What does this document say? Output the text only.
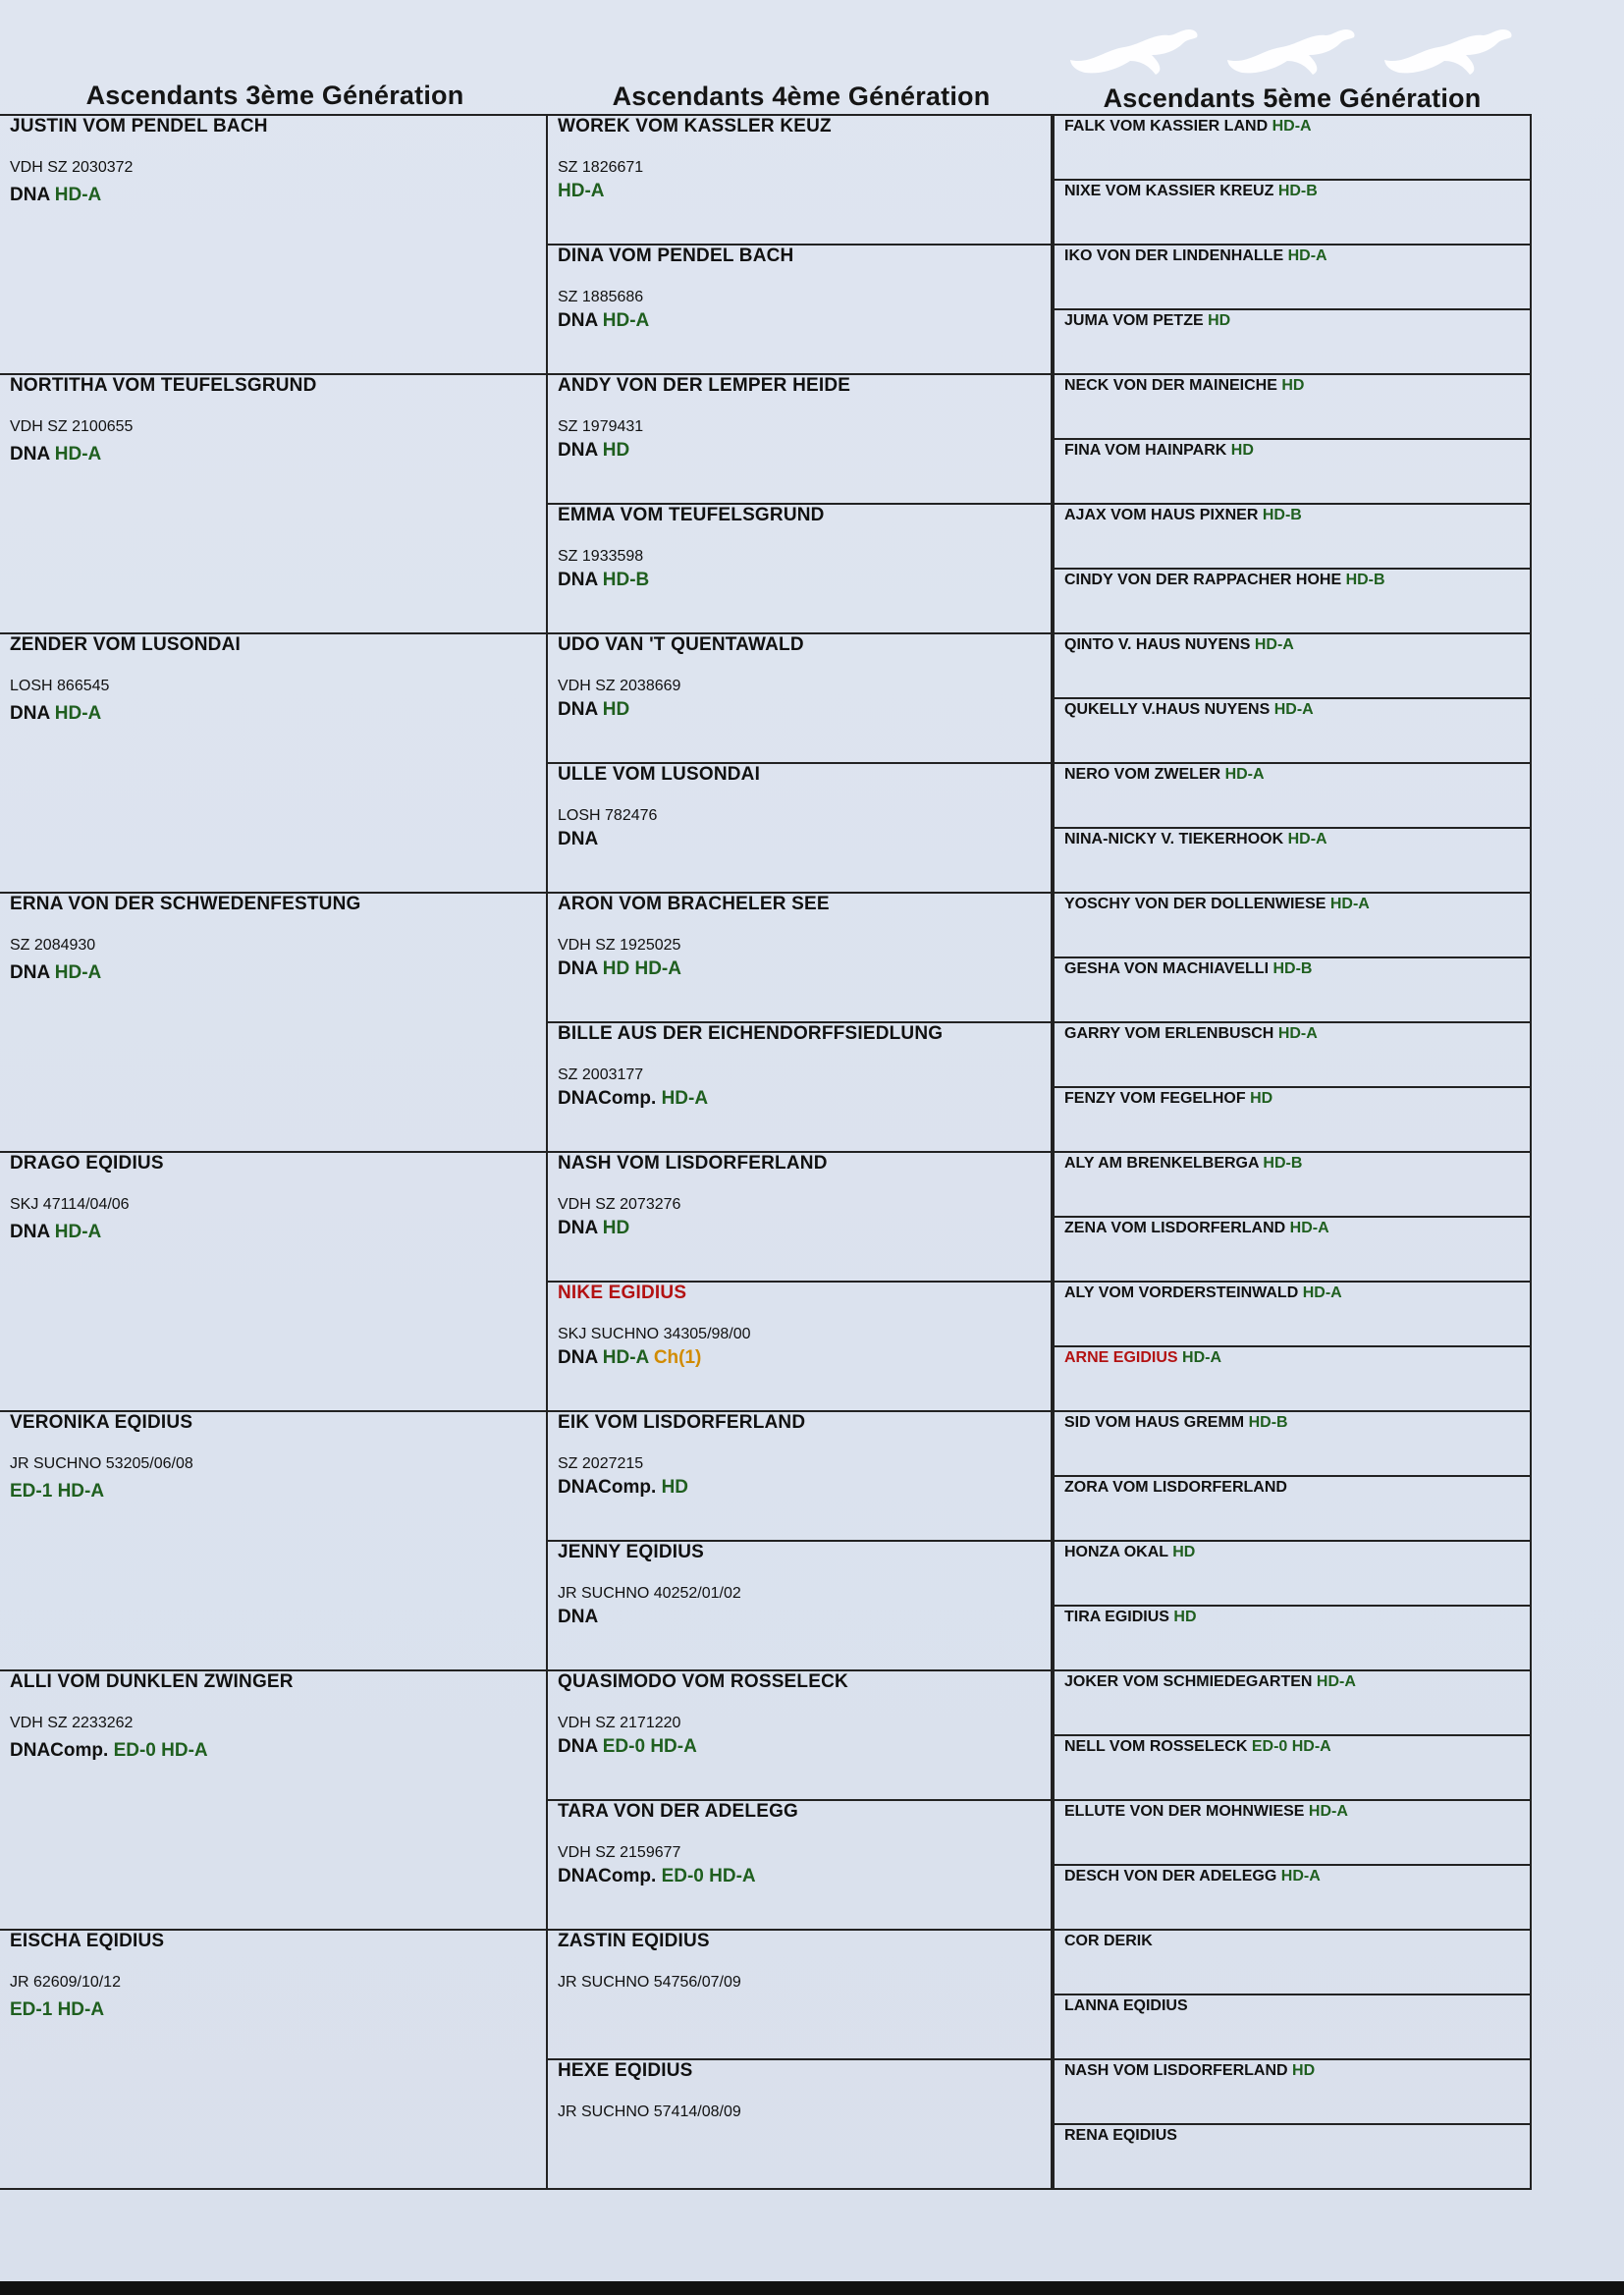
Ascendants 3ème Génération	Ascendants 4ème Génération	Ascendants 5ème Génération
JUSTIN VOM PENDEL BACH
VDH SZ 2030372
DNA HD-A
NORTITHA VOM TEUFELSGRUND
VDH SZ 2100655
DNA HD-A
ZENDER VOM LUSONDAI
LOSH 866545
DNA HD-A
ERNA VON DER SCHWEDENFESTUNG
SZ 2084930
DNA HD-A
DRAGO EQIDIUS
SKJ 47114/04/06
DNA HD-A
VERONIKA EQIDIUS
JR SUCHNO 53205/06/08
ED-1 HD-A
ALLI VOM DUNKLEN ZWINGER
VDH SZ 2233262
DNAComp. ED-0 HD-A
EISCHA EQIDIUS
JR 62609/10/12
ED-1 HD-A
WOREK VOM KASSLER KEUZ
SZ 1826671
HD-A
DINA VOM PENDEL BACH
SZ 1885686
DNA HD-A
ANDY VON DER LEMPER HEIDE
SZ 1979431
DNA HD
EMMA VOM TEUFELSGRUND
SZ 1933598
DNA HD-B
UDO VAN 'T QUENTAWALD
VDH SZ 2038669
DNA HD
ULLE VOM LUSONDAI
LOSH 782476
DNA
ARON VOM BRACHELER SEE
VDH SZ 1925025
DNA HD HD-A
BILLE AUS DER EICHENDORFFSIEDLUNG
SZ 2003177
DNAComp. HD-A
NASH VOM LISDORFERLAND
VDH SZ 2073276
DNA HD
NIKE EGIDIUS
SKJ SUCHNO 34305/98/00
DNA HD-A Ch(1)
EIK VOM LISDORFERLAND
SZ 2027215
DNAComp. HD
JENNY EQIDIUS
JR SUCHNO 40252/01/02
DNA
QUASIMODO VOM ROSSELECK
VDH SZ 2171220
DNA ED-0 HD-A
TARA VON DER ADELEGG
VDH SZ 2159677
DNAComp. ED-0 HD-A
ZASTIN EQIDIUS
JR SUCHNO 54756/07/09
HEXE EQIDIUS
JR SUCHNO 57414/08/09
FALK VOM KASSIER LAND HD-A
NIXE VOM KASSIER KREUZ HD-B
IKO VON DER LINDENHALLE HD-A
JUMA VOM PETZE HD
NECK VON DER MAINEICHE HD
FINA VOM HAINPARK HD
AJAX VOM HAUS PIXNER HD-B
CINDY VON DER RAPPACHER HOHE HD-B
QINTO V. HAUS NUYENS HD-A
QUKELLY V.HAUS NUYENS HD-A
NERO VOM ZWELER HD-A
NINA-NICKY V. TIEKERHOOK HD-A
YOSCHY VON DER DOLLENWIESE HD-A
GESHA VON MACHIAVELLI HD-B
GARRY VOM ERLENBUSCH HD-A
FENZY VOM FEGELHOF HD
ALY AM BRENKELBERGA HD-B
ZENA VOM LISDORFERLAND HD-A
ALY VOM VORDERSTEINWALD HD-A
ARNE EGIDIUS HD-A
SID VOM HAUS GREMM HD-B
ZORA VOM LISDORFERLAND
HONZA OKAL HD
TIRA EGIDIUS HD
JOKER VOM SCHMIEDEGARTEN HD-A
NELL VOM ROSSELECK ED-0 HD-A
ELLUTE VON DER MOHNWIESE HD-A
DESCH VON DER ADELEGG HD-A
COR DERIK
LANNA EQIDIUS
NASH VOM LISDORFERLAND HD
RENA EQIDIUS
